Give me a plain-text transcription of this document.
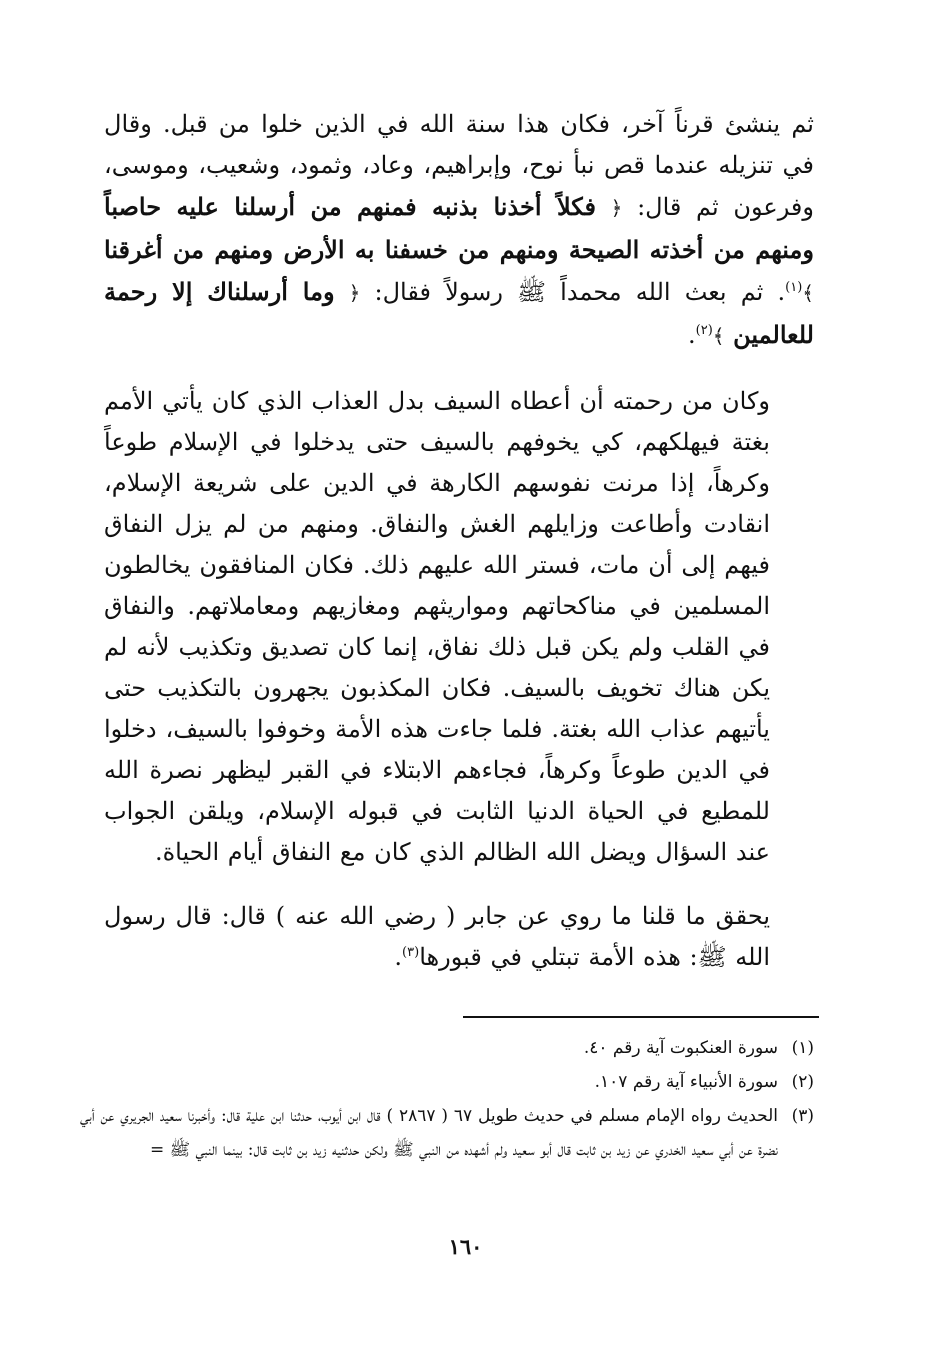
ثم ينشئ قرناً آخر، فكان هذا سنة الله في الذين خلوا من قبل. وقال في تنزيله عندما قص نبأ نوح، وإبراهيم، وعاد، وثمود، وشعيب، وموسى، وفرعون ثم قال: ﴿ فكلاً أخذنا بذنبه فمنهم من أرسلنا عليه حاصباً ومنهم من أخذته الصيحة ومنهم من خسفنا به الأرض ومنهم من أغرقنا ﴾$^{(١)}$. ثم بعث الله محمداً ﷺ رسولاً فقال: ﴿ وما أرسلناك إلا رحمة للعالمين ﴾$^{(٢)}$.

وكان من رحمته أن أعطاه السيف بدل العذاب الذي كان يأتي الأمم بغتة فيهلكهم، كي يخوفهم بالسيف حتى يدخلوا في الإسلام طوعاً وكرهاً، إذا مرنت نفوسهم الكارهة في الدين على شريعة الإسلام، انقادت وأطاعت وزايلهم الغش والنفاق. ومنهم من لم يزل النفاق فيهم إلى أن مات، فستر الله عليهم ذلك. فكان المنافقون يخالطون المسلمين في مناكحاتهم ومواريثهم ومغازيهم ومعاملاتهم. والنفاق في القلب ولم يكن قبل ذلك نفاق، إنما كان تصديق وتكذيب لأنه لم يكن هناك تخويف بالسيف. فكان المكذبون يجهرون بالتكذيب حتى يأتيهم عذاب الله بغتة. فلما جاءت هذه الأمة وخوفوا بالسيف، دخلوا في الدين طوعاً وكرهاً، فجاءهم الابتلاء في القبر ليظهر نصرة الله للمطيع في الحياة الدنيا الثابت في قبوله الإسلام، ويلقن الجواب عند السؤال ويضل الله الظالم الذي كان مع النفاق أيام الحياة.

يحقق ما قلنا ما روي عن جابر ( رضي الله عنه ) قال: قال رسول الله ﷺ: هذه الأمة تبتلي في قبورها$^{(٣)}$.

(١)
سورة العنكبوت آية رقم ٤٠.
(٢)
سورة الأنبياء آية رقم ١٠٧.
(٣)
الحديث رواه الإمام مسلم في حديث طويل ٦٧ ( ٢٨٦٧ ) قال ابن أيوب، حدثنا ابن علية قال: وأخبرنا سعيد الجريري عن أبي نضرة عن أبي سعيد الخدري عن زيد بن ثابت قال أبو سعيد ولم أشهده من النبي ﷺ ولكن حدثنيه زيد بن ثابت قال: بينما النبي ﷺ =
١٦٠
